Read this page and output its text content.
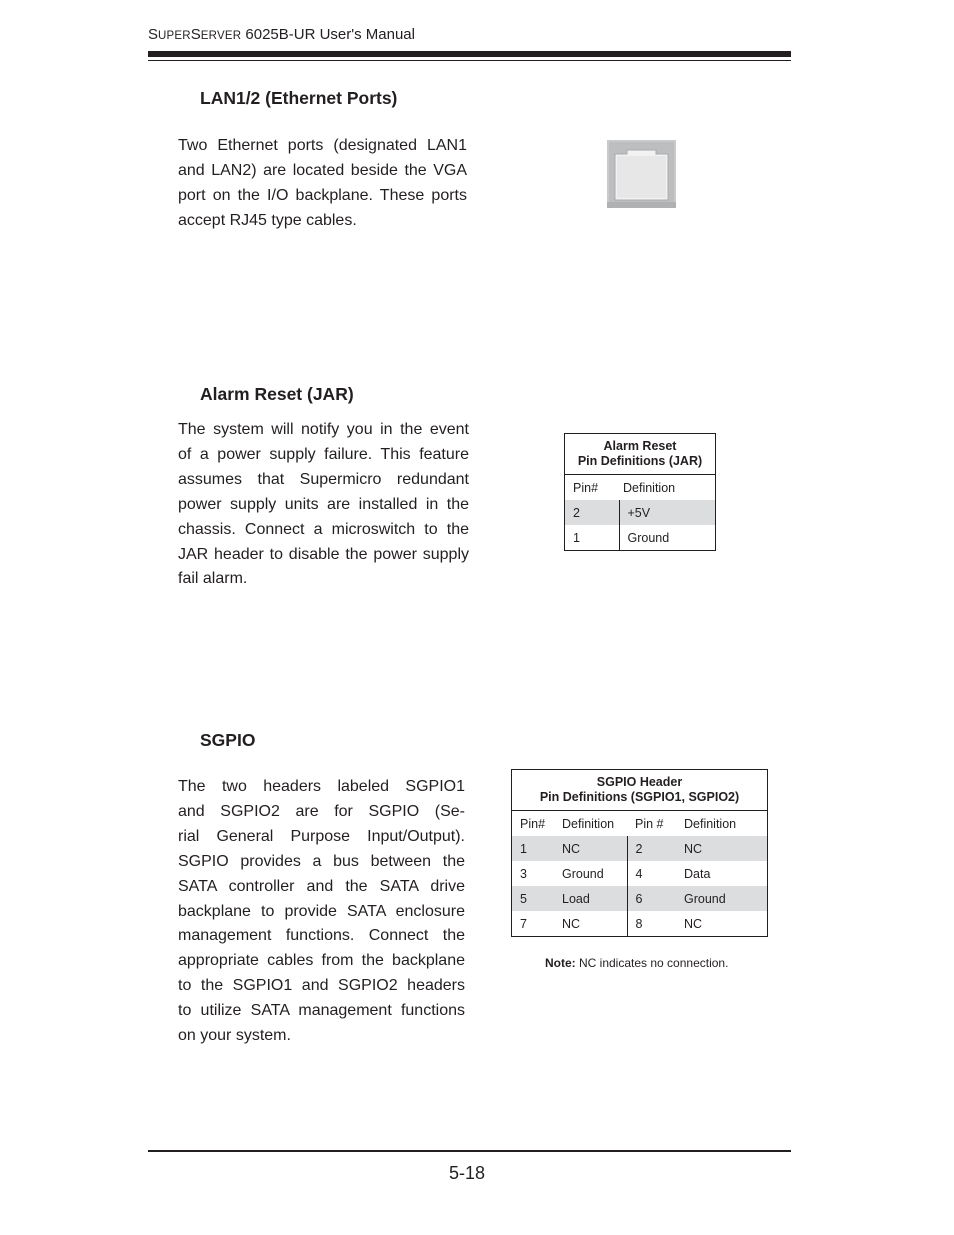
SUPERSERVER 6025B-UR User's Manual
LAN1/2 (Ethernet Ports)
Two Ethernet ports (designated LAN1
and LAN2) are located beside the VGA
port on the I/O backplane. These ports
accept RJ45 type cables.
Alarm Reset (JAR)
The system will notify you in the event
of a power supply failure. This feature
assumes that Supermicro redundant
power supply units are installed in the
chassis. Connect a microswitch to the
JAR header to disable the power supply
fail alarm.
Alarm Reset
Pin Definitions (JAR)	
Pin#	Definition
2	+5V
1	Ground
SGPIO
The two headers labeled SGPIO1
and SGPIO2 are for SGPIO (Se-
rial General Purpose Input/Output).
SGPIO provides a bus between the
SATA controller and the SATA drive
backplane to provide SATA enclosure
management functions. Connect the
appropriate cables from the backplane
to the SGPIO1 and SGPIO2 headers
to utilize SATA management functions
on your system.
SGPIO Header
Pin Definitions (SGPIO1, SGPIO2)			
Pin#	Definition	Pin #	Definition
1	NC	2	NC
3	Ground	4	Data
5	Load	6	Ground
7	NC	8	NC
Note: NC indicates no connection.
5-18
